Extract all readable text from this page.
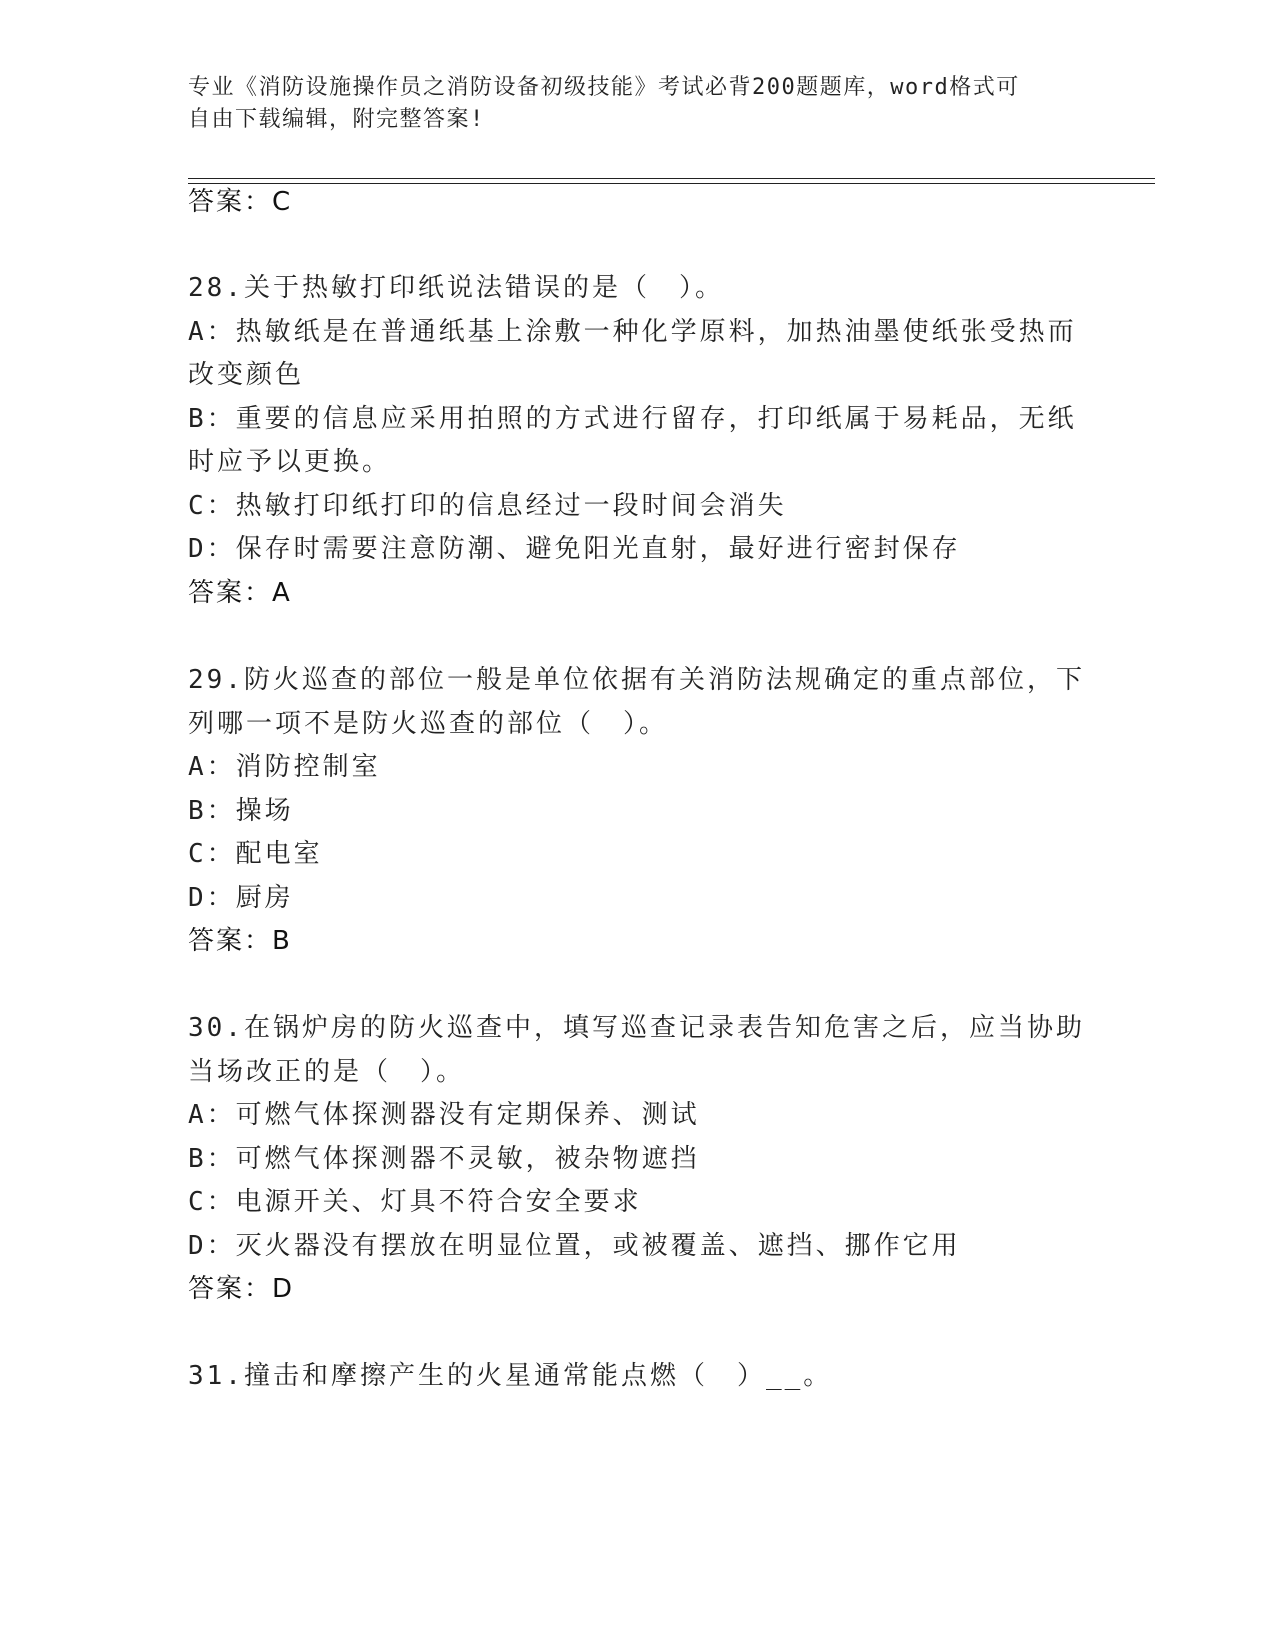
专业《消防设施操作员之消防设备初级技能》考试必背200题题库，word格式可
自由下载编辑，附完整答案!
答案：C
28.关于热敏打印纸说法错误的是（　）。
A：热敏纸是在普通纸基上涂敷一种化学原料，加热油墨使纸张受热而
改变颜色
B：重要的信息应采用拍照的方式进行留存，打印纸属于易耗品，无纸
时应予以更换。
C：热敏打印纸打印的信息经过一段时间会消失
D：保存时需要注意防潮、避免阳光直射，最好进行密封保存
答案：A
29.防火巡查的部位一般是单位依据有关消防法规确定的重点部位，下
列哪一项不是防火巡查的部位（　）。
A：消防控制室
B：操场
C：配电室
D：厨房
答案：B
30.在锅炉房的防火巡查中，填写巡查记录表告知危害之后，应当协助
当场改正的是（　）。
A：可燃气体探测器没有定期保养、测试
B：可燃气体探测器不灵敏，被杂物遮挡
C：电源开关、灯具不符合安全要求
D：灭火器没有摆放在明显位置，或被覆盖、遮挡、挪作它用
答案：D
31.撞击和摩擦产生的火星通常能点燃（　）__。
